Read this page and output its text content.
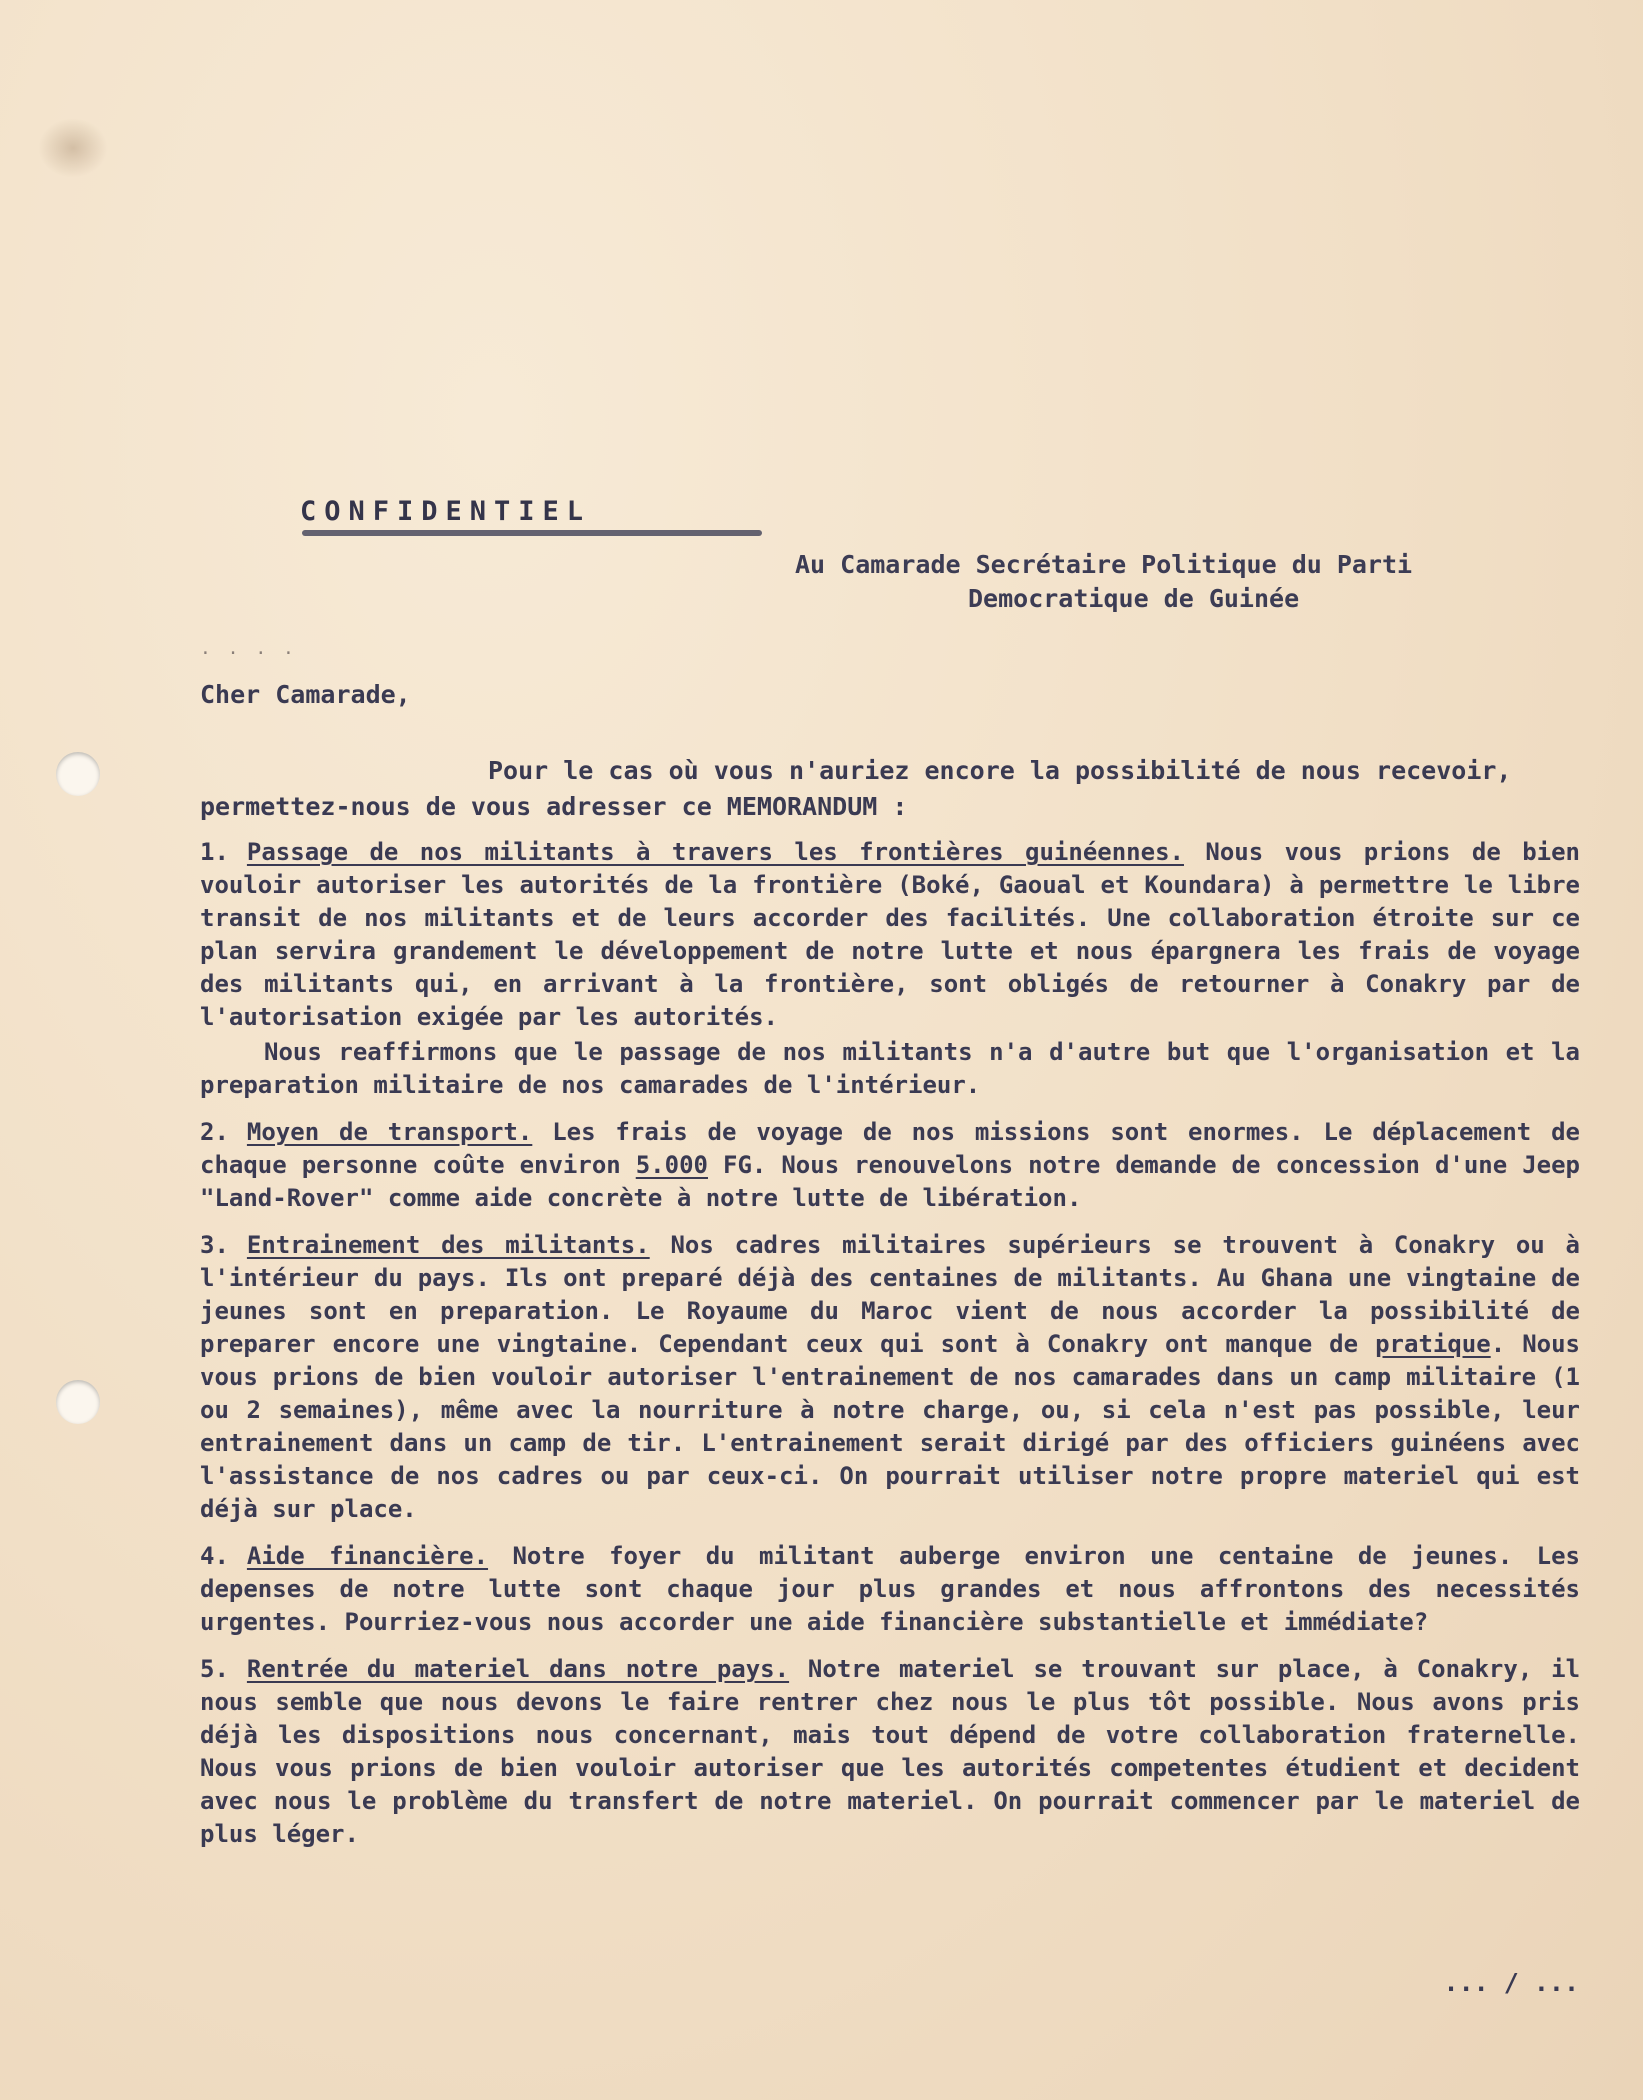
CONFIDENTIEL
Au Camarade Secrétaire Politique du Parti
Democratique de Guinée
. . . .
Cher Camarade,
Pour le cas où vous n'auriez encore la possibilité de nous recevoir,
permettez-nous de vous adresser ce MEMORANDUM :

1. Passage de nos militants à travers les frontières guinéennes. Nous vous prions de bien vouloir autoriser les autorités de la frontière (Boké, Gaoual et Koundara) à permettre le libre transit de nos militants et de leurs accorder des facilités. Une collaboration étroite sur ce plan servira grandement le développement de notre lutte et nous épargnera les frais de voyage des militants qui, en arrivant à la frontière, sont obligés de retourner à Conakry par de l'autorisation exigée par les autorités.

Nous reaffirmons que le passage de nos militants n'a d'autre but que l'organisation et la preparation militaire de nos camarades de l'intérieur.

2. Moyen de transport. Les frais de voyage de nos missions sont enormes. Le déplacement de chaque personne coûte environ 5.000 FG. Nous renouvelons notre demande de concession d'une Jeep "Land-Rover" comme aide concrète à notre lutte de libération.

3. Entrainement des militants. Nos cadres militaires supérieurs se trouvent à Conakry ou à l'intérieur du pays. Ils ont preparé déjà des centaines de militants. Au Ghana une vingtaine de jeunes sont en preparation. Le Royaume du Maroc vient de nous accorder la possibilité de preparer encore une vingtaine. Cependant ceux qui sont à Conakry ont manque de pratique. Nous vous prions de bien vouloir autoriser l'entrainement de nos camarades dans un camp militaire (1 ou 2 semaines), même avec la nourriture à notre charge, ou, si cela n'est pas possible, leur entrainement dans un camp de tir. L'entrainement serait dirigé par des officiers guinéens avec l'assistance de nos cadres ou par ceux-ci. On pourrait utiliser notre propre materiel qui est déjà sur place.

4. Aide financière. Notre foyer du militant auberge environ une centaine de jeunes. Les depenses de notre lutte sont chaque jour plus grandes et nous affrontons des necessités urgentes. Pourriez-vous nous accorder une aide financière substantielle et immédiate?

5. Rentrée du materiel dans notre pays. Notre materiel se trouvant sur place, à Conakry, il nous semble que nous devons le faire rentrer chez nous le plus tôt possible. Nous avons pris déjà les dispositions nous concernant, mais tout dépend de votre collaboration fraternelle. Nous vous prions de bien vouloir autoriser que les autorités competentes étudient et decident avec nous le problème du transfert de notre materiel. On pourrait commencer par le materiel de plus léger.

... / ...
